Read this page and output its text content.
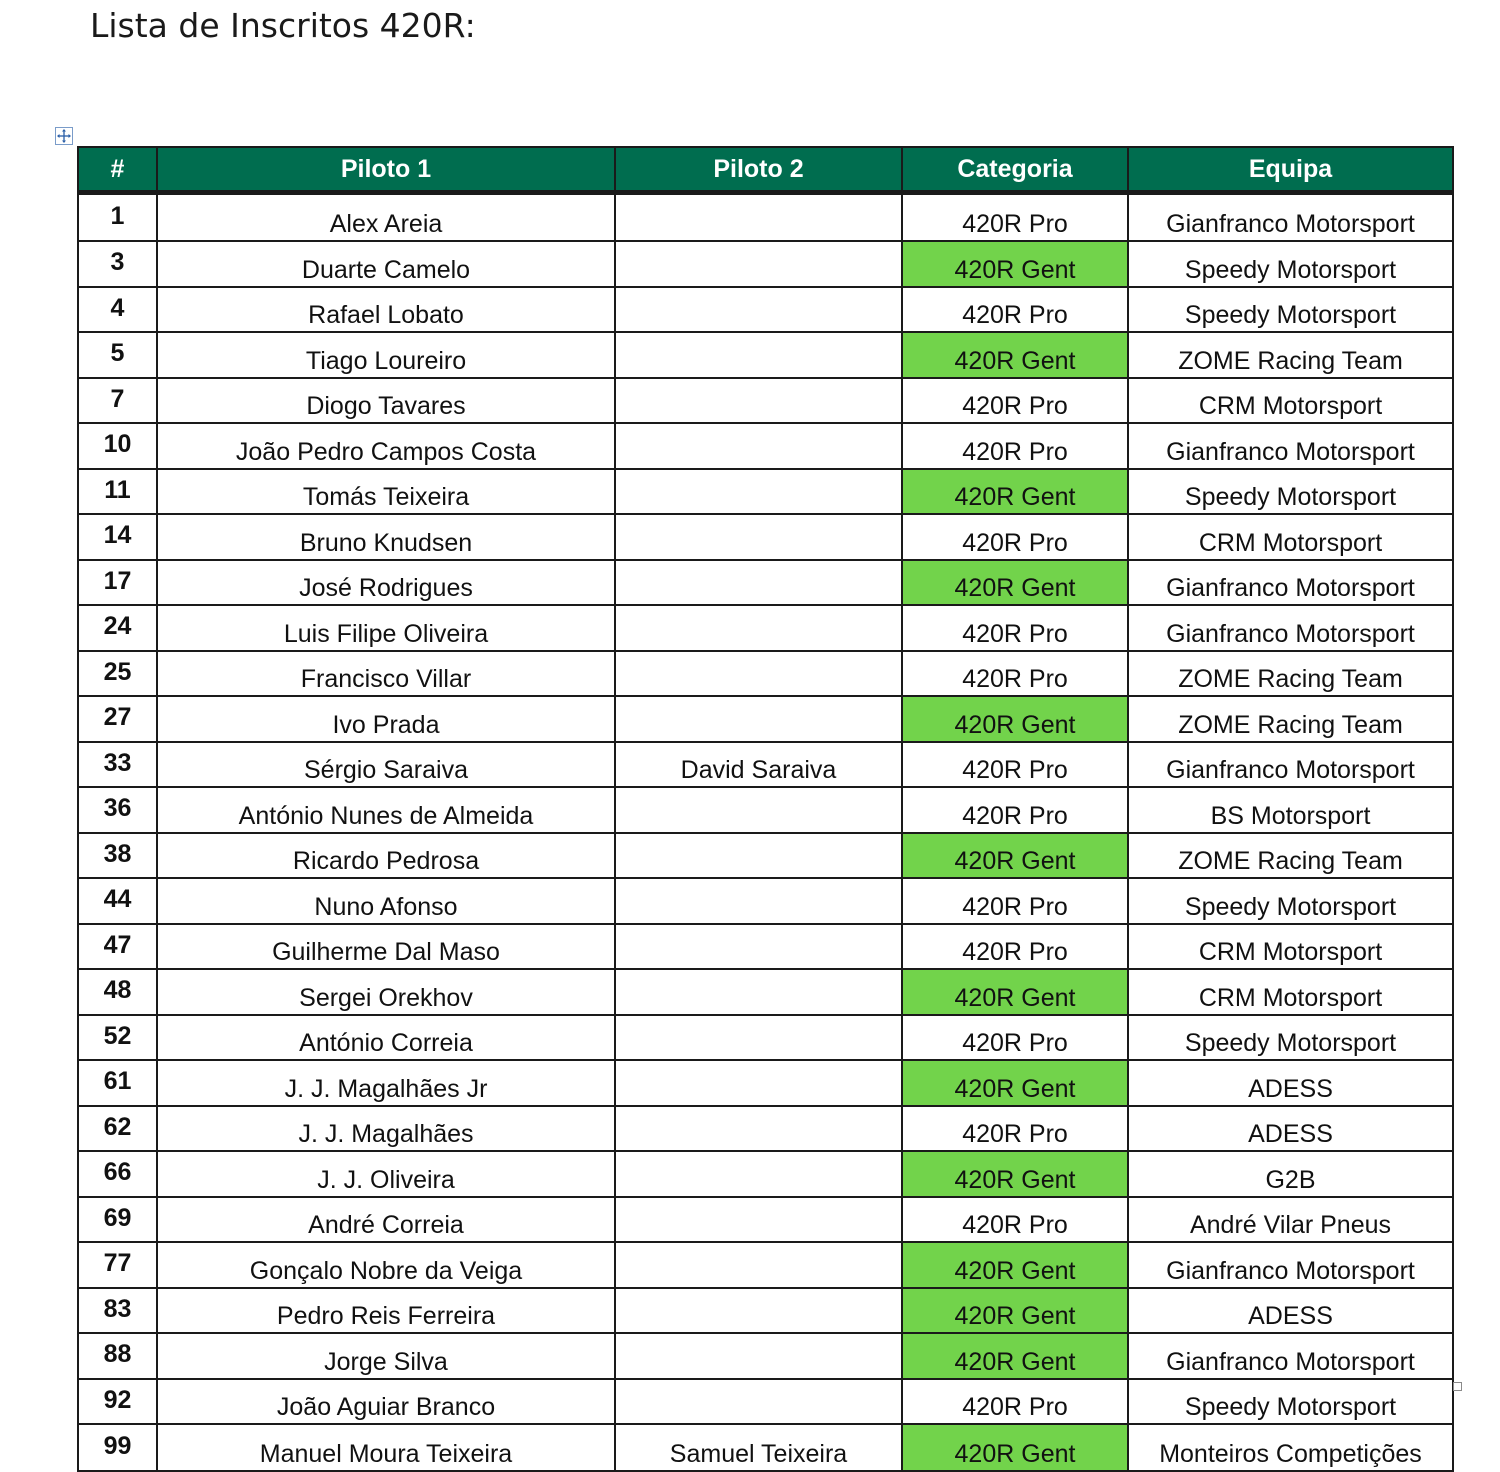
Lista de Inscritos 420R:
#	Piloto 1	Piloto 2	Categoria	Equipa
1	Alex Areia		420R Pro	Gianfranco Motorsport
3	Duarte Camelo		420R Gent	Speedy Motorsport
4	Rafael Lobato		420R Pro	Speedy Motorsport
5	Tiago Loureiro		420R Gent	ZOME Racing Team
7	Diogo Tavares		420R Pro	CRM Motorsport
10	João Pedro Campos Costa		420R Pro	Gianfranco Motorsport
11	Tomás Teixeira		420R Gent	Speedy Motorsport
14	Bruno Knudsen		420R Pro	CRM Motorsport
17	José Rodrigues		420R Gent	Gianfranco Motorsport
24	Luis Filipe Oliveira		420R Pro	Gianfranco Motorsport
25	Francisco Villar		420R Pro	ZOME Racing Team
27	Ivo Prada		420R Gent	ZOME Racing Team
33	Sérgio Saraiva	David Saraiva	420R Pro	Gianfranco Motorsport
36	António Nunes de Almeida		420R Pro	BS Motorsport
38	Ricardo Pedrosa		420R Gent	ZOME Racing Team
44	Nuno Afonso		420R Pro	Speedy Motorsport
47	Guilherme Dal Maso		420R Pro	CRM Motorsport
48	Sergei Orekhov		420R Gent	CRM Motorsport
52	António Correia		420R Pro	Speedy Motorsport
61	J. J. Magalhães Jr		420R Gent	ADESS
62	J. J. Magalhães		420R Pro	ADESS
66	J. J. Oliveira		420R Gent	G2B
69	André Correia		420R Pro	André Vilar Pneus
77	Gonçalo Nobre da Veiga		420R Gent	Gianfranco Motorsport
83	Pedro Reis Ferreira		420R Gent	ADESS
88	Jorge Silva		420R Gent	Gianfranco Motorsport
92	João Aguiar Branco		420R Pro	Speedy Motorsport
99	Manuel Moura Teixeira	Samuel Teixeira	420R Gent	Monteiros Competições
